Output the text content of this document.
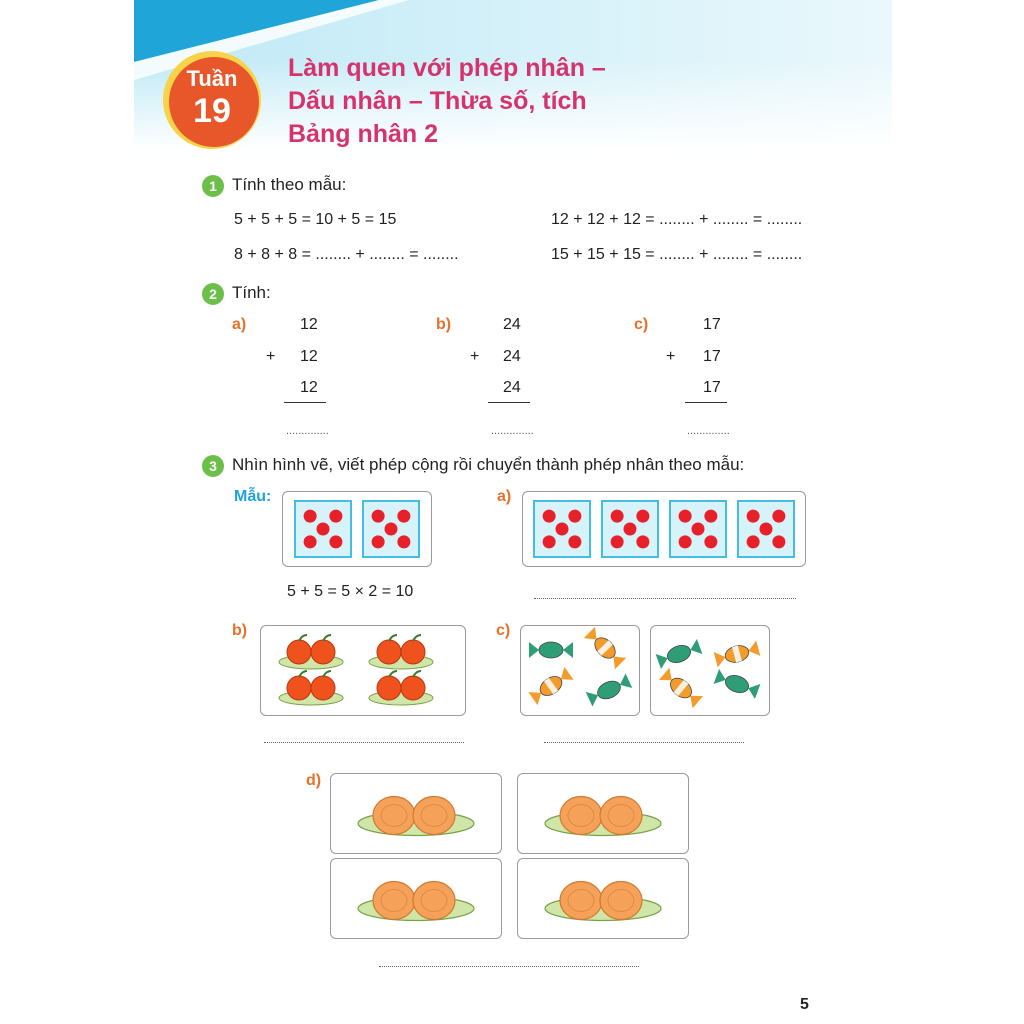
Tuần
19
Làm quen với phép nhân –
Dấu nhân – Thừa số, tích
Bảng nhân 2
1 Tính theo mẫu:
5 + 5 + 5 = 10 + 5 = 15	12 + 12 + 12 = ........ + ........ = ........
8 + 8 + 8 = ........ + ........ = ........	15 + 15 + 15 = ........ + ........ = ........
2 Tính:
a)	12
+ 12
12
..............
b)	24
+ 24
24
..............
c)	17
+ 17
17
..............
3 Nhìn hình vẽ, viết phép cộng rồi chuyển thành phép nhân theo mẫu:
Mẫu:
5 + 5 = 5 × 2 = 10
a)
b)	c)
d)
5
